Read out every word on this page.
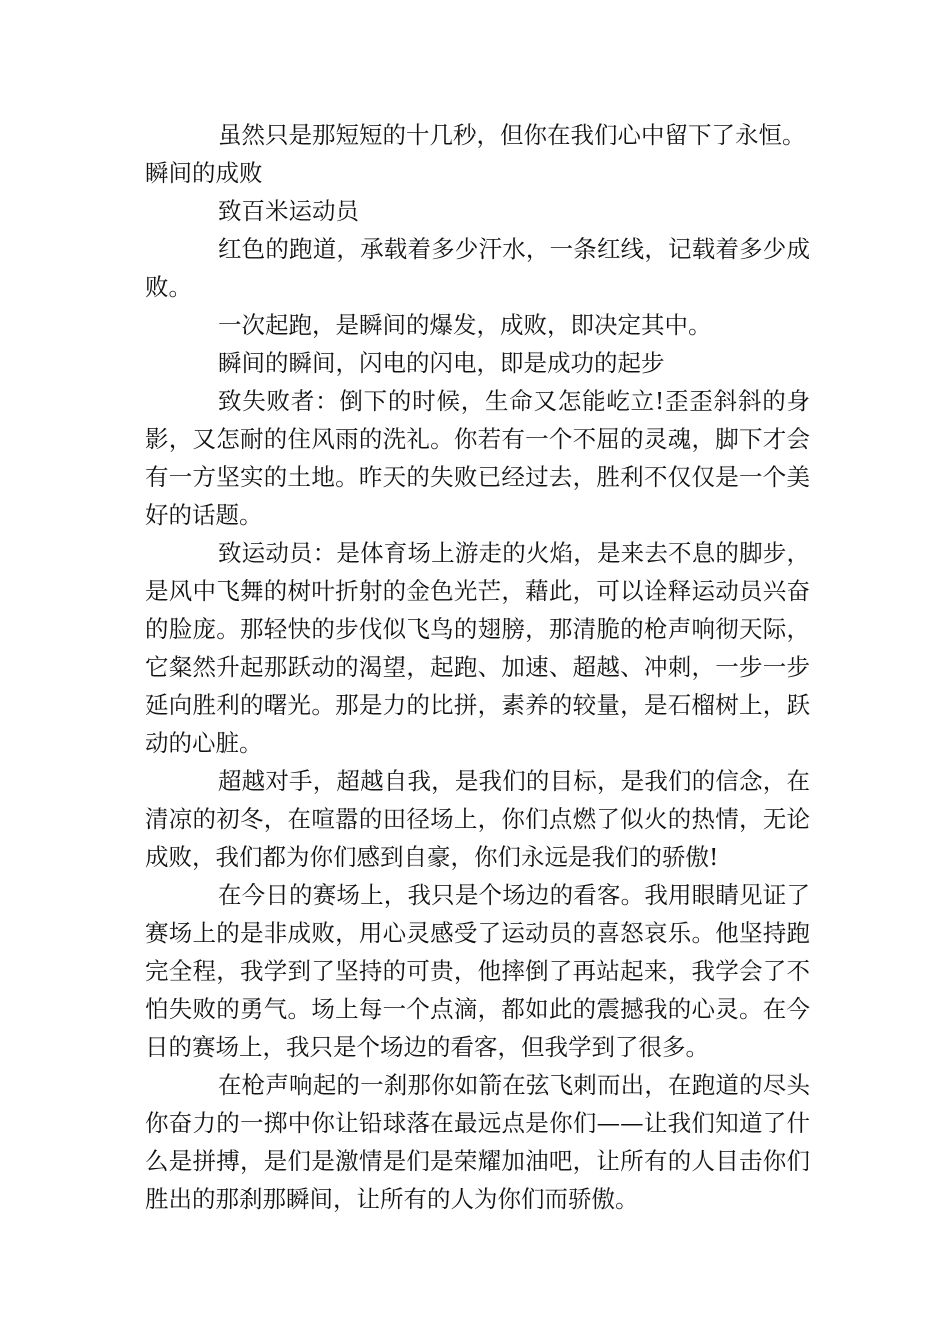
虽然只是那短短的十几秒，但你在我们心中留下了永恒。

瞬间的成败

致百米运动员

红色的跑道，承载着多少汗水，一条红线，记载着多少成败。

一次起跑，是瞬间的爆发，成败，即决定其中。

瞬间的瞬间，闪电的闪电，即是成功的起步

致失败者：倒下的时候，生命又怎能屹立!歪歪斜斜的身影，又怎耐的住风雨的洗礼。你若有一个不屈的灵魂，脚下才会有一方坚实的土地。昨天的失败已经过去，胜利不仅仅是一个美好的话题。

致运动员：是体育场上游走的火焰，是来去不息的脚步，是风中飞舞的树叶折射的金色光芒，藉此，可以诠释运动员兴奋的脸庞。那轻快的步伐似飞鸟的翅膀，那清脆的枪声响彻天际，它粲然升起那跃动的渴望，起跑、加速、超越、冲刺，一步一步延向胜利的曙光。那是力的比拼，素养的较量，是石榴树上，跃动的心脏。

超越对手，超越自我，是我们的目标，是我们的信念，在清凉的初冬，在喧嚣的田径场上，你们点燃了似火的热情，无论成败，我们都为你们感到自豪，你们永远是我们的骄傲!

在今日的赛场上，我只是个场边的看客。我用眼睛见证了赛场上的是非成败，用心灵感受了运动员的喜怒哀乐。他坚持跑完全程，我学到了坚持的可贵，他摔倒了再站起来，我学会了不怕失败的勇气。场上每一个点滴，都如此的震撼我的心灵。在今日的赛场上，我只是个场边的看客，但我学到了很多。

在枪声响起的一刹那你如箭在弦飞刺而出，在跑道的尽头你奋力的一掷中你让铅球落在最远点是你们——让我们知道了什么是拼搏，是们是激情是们是荣耀加油吧，让所有的人目击你们胜出的那刹那瞬间，让所有的人为你们而骄傲。
